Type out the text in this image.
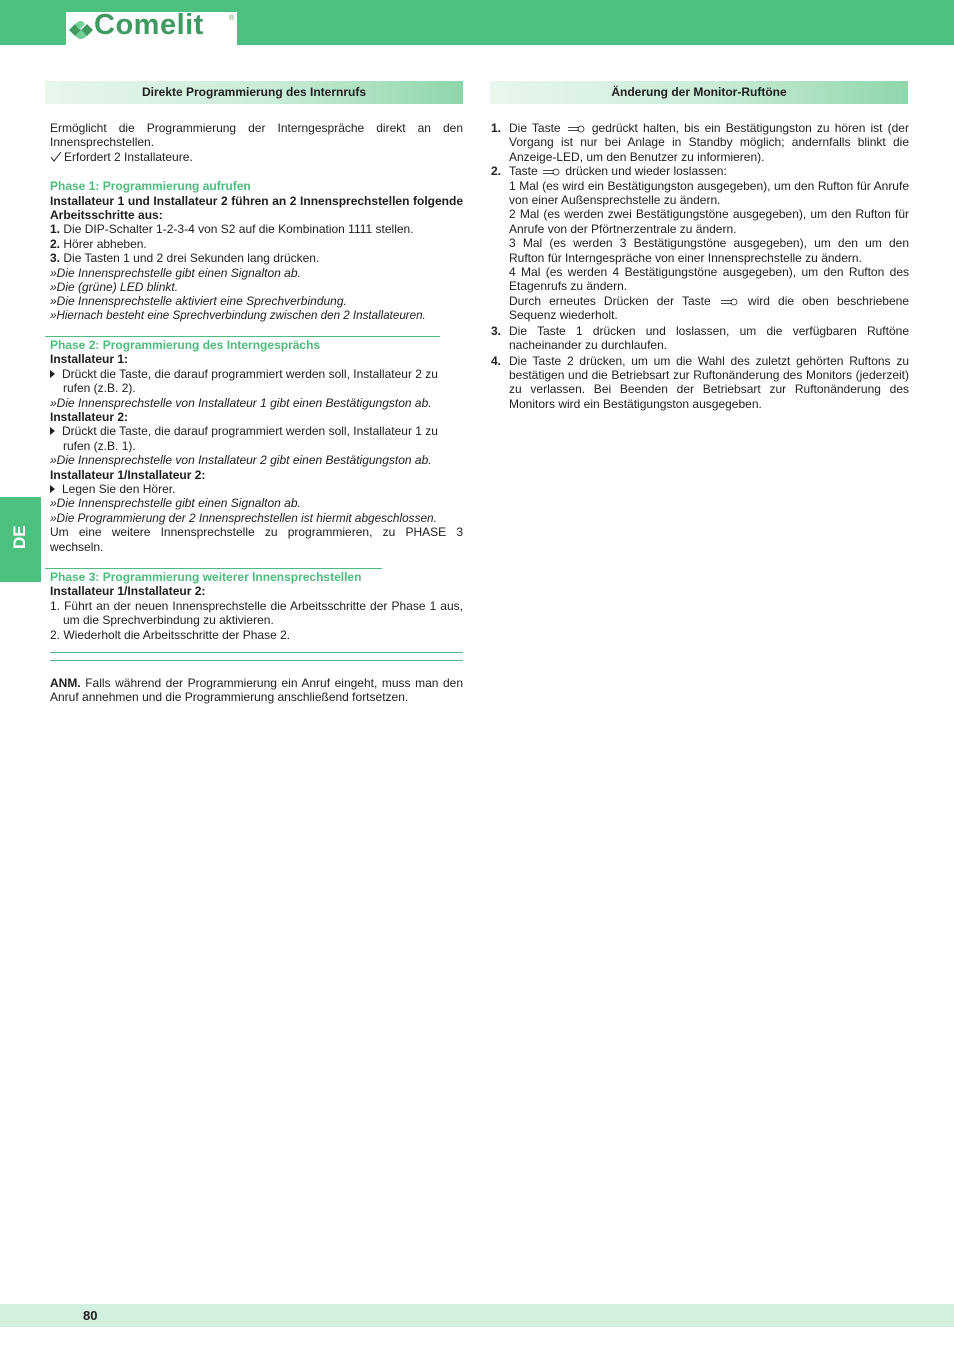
Comelit	®
Direkte Programmierung des Internrufs

Ermöglicht die Programmierung der Interngespräche direkt an den Innensprechstellen.

Erfordert 2 Installateure.

Phase 1: Programmierung aufrufen

Installateur 1 und Installateur 2 führen an 2 Innensprechstellen folgende Arbeitsschritte aus:

1. Die DIP-Schalter 1-2-3-4 von S2 auf die Kombination 1111 stellen.

2. Hörer abheben.

3. Die Tasten 1 und 2 drei Sekunden lang drücken.

»Die Innensprechstelle gibt einen Signalton ab.

»Die (grüne) LED blinkt.

»Die Innensprechstelle aktiviert eine Sprechverbindung.

»Hiernach besteht eine Sprechverbindung zwischen den 2 Installateuren.

Phase 2: Programmierung des Interngesprächs

Installateur 1:

Drückt die Taste, die darauf programmiert werden soll, Installateur 2 zu rufen (z.B. 2).

»Die Innensprechstelle von Installateur 1 gibt einen Bestätigungston ab.

Installateur 2:

Drückt die Taste, die darauf programmiert werden soll, Installateur 1 zu rufen (z.B. 1).

»Die Innensprechstelle von Installateur 2 gibt einen Bestätigungston ab.

Installateur 1/Installateur 2:

Legen Sie den Hörer.

»Die Innensprechstelle gibt einen Signalton ab.

»Die Programmierung der 2 Innensprechstellen ist hiermit abgeschlossen.

Um eine weitere Innensprechstelle zu programmieren, zu PHASE 3 wechseln.

Phase 3: Programmierung weiterer Innensprechstellen

Installateur 1/Installateur 2:

1. Führt an der neuen Innensprechstelle die Arbeitsschritte der Phase 1 aus, um die Sprechverbindung zu aktivieren.

2. Wiederholt die Arbeitsschritte der Phase 2.

ANM. Falls während der Programmierung ein Anruf eingeht, muss man den Anruf annehmen und die Programmierung anschließend fortsetzen.

Änderung der Monitor-Ruftöne
1. Die Taste	gedrückt halten, bis ein Bestätigungston zu hören ist (der Vorgang ist nur bei Anlage in Standby möglich; andernfalls blinkt die Anzeige-LED, um den Benutzer zu informieren).
2. Taste drücken und wieder loslassen:

1 Mal (es wird ein Bestätigungston ausgegeben), um den Rufton für Anrufe von einer Außensprechstelle zu ändern.

2 Mal (es werden zwei Bestätigungstöne ausgegeben), um den Rufton für Anrufe von der Pförtnerzentrale zu ändern.

3 Mal (es werden 3 Bestätigungstöne ausgegeben), um den um den Rufton für Interngespräche von einer Innensprechstelle zu ändern.

4 Mal (es werden 4 Bestätigungstöne ausgegeben), um den Rufton des Etagenrufs zu ändern.

Durch erneutes Drücken der Taste	wird die oben beschriebene Sequenz wiederholt.

3. Die Taste 1 drücken und loslassen, um die verfügbaren Ruftöne nacheinander zu durchlaufen.
4. Die Taste 2 drücken, um um die Wahl des zuletzt gehörten Ruftons zu bestätigen und die Betriebsart zur Ruftonänderung des Monitors (jederzeit) zu verlassen. Bei Beenden der Betriebsart zur Ruftonänderung des Monitors wird ein Bestätigungston ausgegeben.
DE
80
